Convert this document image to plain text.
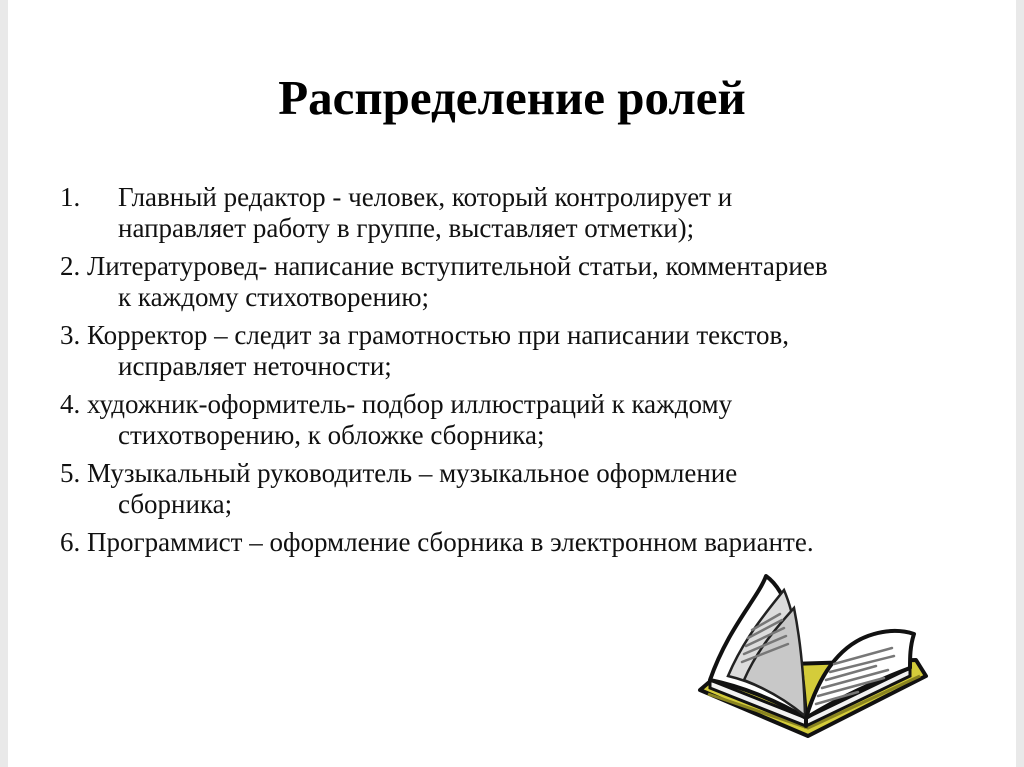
Распределение ролей
1. Главный редактор - человек, который контролирует и
направляет работу в группе, выставляет отметки);
2. Литературовед- написание вступительной статьи, комментариев
к каждому стихотворению;
3. Корректор – следит за грамотностью при написании текстов,
исправляет неточности;
4. художник-оформитель- подбор иллюстраций к каждому
стихотворению, к обложке сборника;
5. Музыкальный руководитель – музыкальное оформление
сборника;
6. Программист – оформление сборника в электронном варианте.
